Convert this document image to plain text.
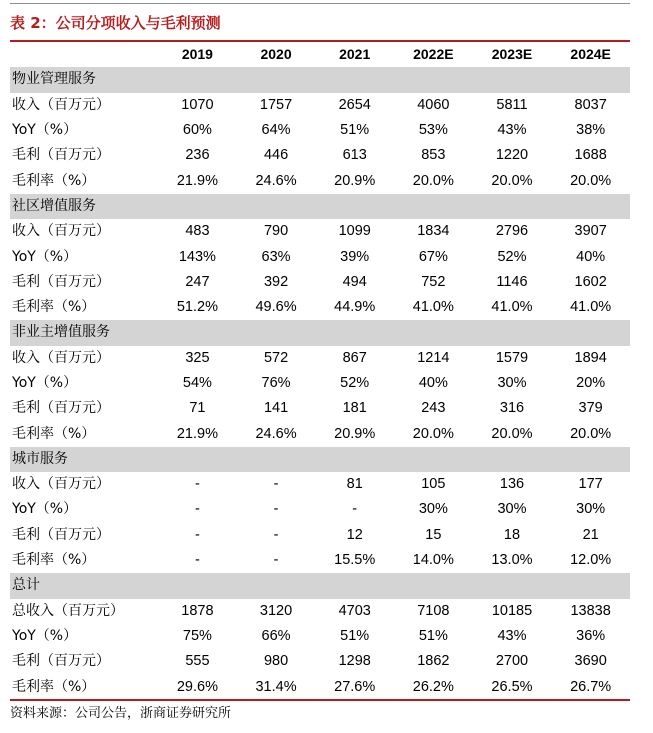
表 2：公司分项收入与毛利预测
	2019	2020	2021	2022E	2023E	2024E
物业管理服务						
收入（百万元）	1070	1757	2654	4060	5811	8037
YoY（%）	60%	64%	51%	53%	43%	38%
毛利（百万元）	236	446	613	853	1220	1688
毛利率（%）	21.9%	24.6%	20.9%	20.0%	20.0%	20.0%
社区增值服务						
收入（百万元）	483	790	1099	1834	2796	3907
YoY（%）	143%	63%	39%	67%	52%	40%
毛利（百万元）	247	392	494	752	1146	1602
毛利率（%）	51.2%	49.6%	44.9%	41.0%	41.0%	41.0%
非业主增值服务						
收入（百万元）	325	572	867	1214	1579	1894
YoY（%）	54%	76%	52%	40%	30%	20%
毛利（百万元）	71	141	181	243	316	379
毛利率（%）	21.9%	24.6%	20.9%	20.0%	20.0%	20.0%
城市服务						
收入（百万元）	-	-	81	105	136	177
YoY（%）	-	-	-	30%	30%	30%
毛利（百万元）	-	-	12	15	18	21
毛利率（%）	-	-	15.5%	14.0%	13.0%	12.0%
总计						
总收入（百万元）	1878	3120	4703	7108	10185	13838
YoY（%）	75%	66%	51%	51%	43%	36%
毛利（百万元）	555	980	1298	1862	2700	3690
毛利率（%）	29.6%	31.4%	27.6%	26.2%	26.5%	26.7%
资料来源：公司公告，浙商证券研究所
